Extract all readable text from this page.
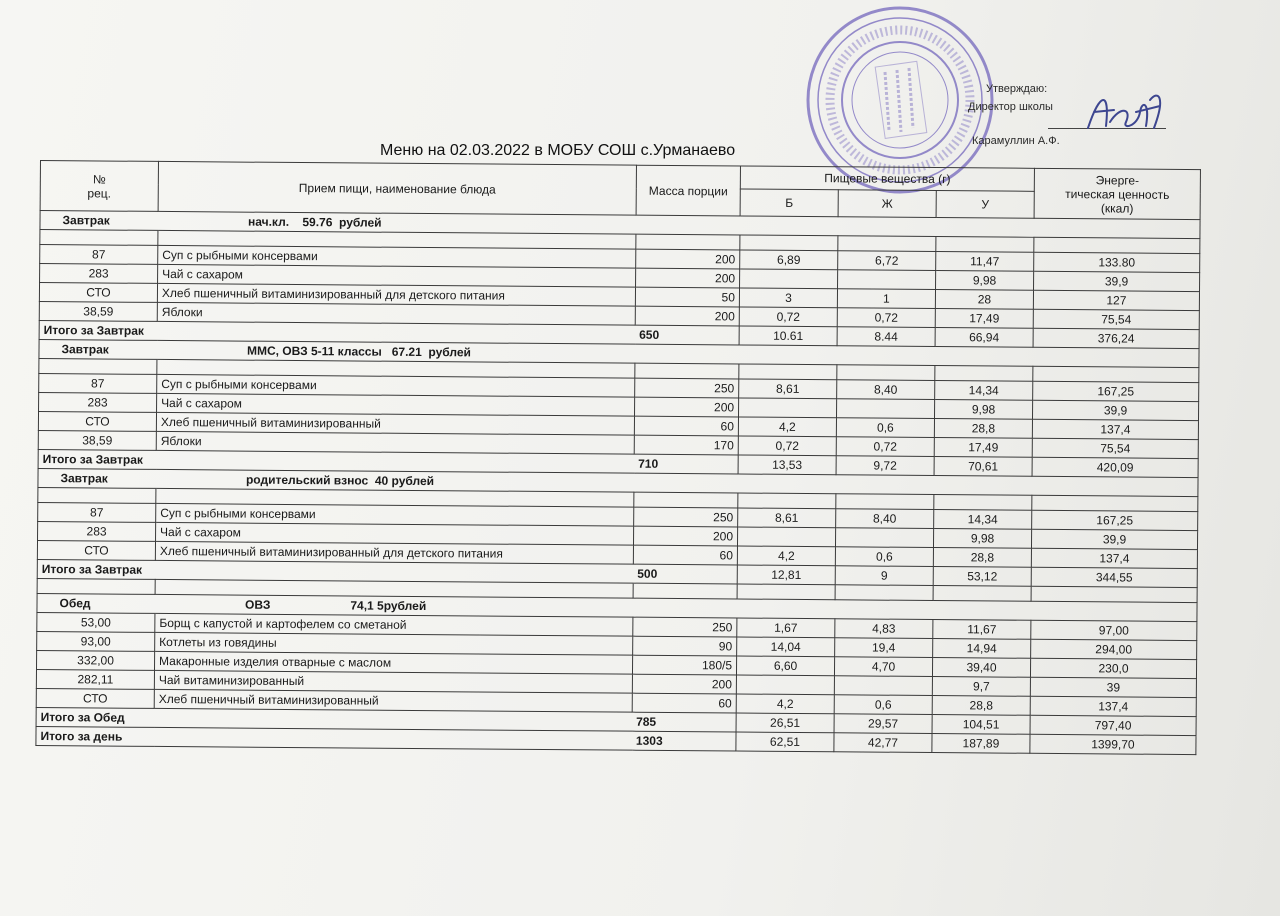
Утверждаю:
Директор школы
Карамуллин А.Ф.
Меню на 02.03.2022 в МОБУ СОШ с.Урманаево
№
рец.	Прием пищи, наименование блюда	Масса порции	Пищевые вещества (г)			Энерге-
тическая ценность
(ккал)
			Б	Ж	У	
Завтрак	нач.кл.    59.76  рублей					

87	Суп с рыбными консервами	200	6,89	6,72	11,47	133.80
283	Чай с сахаром	200			9,98	39,9
СТО	Хлеб пшеничный витаминизированный для детского питания	50	3	1	28	127
38,59	Яблоки	200	0,72	0,72	17,49	75,54
Итого за Завтрак		650	10.61	8.44	66,94	376,24
Завтрак	ММС, ОВЗ 5-11 классы   67.21  рублей					

87	Суп с рыбными консервами	250	8,61	8,40	14,34	167,25
283	Чай с сахаром	200			9,98	39,9
СТО	Хлеб пшеничный витаминизированный	60	4,2	0,6	28,8	137,4
38,59	Яблоки	170	0,72	0,72	17,49	75,54
Итого за Завтрак		710	13,53	9,72	70,61	420,09
Завтрак	родительский взнос  40 рублей					

87	Суп с рыбными консервами	250	8,61	8,40	14,34	167,25
283	Чай с сахаром	200			9,98	39,9
СТО	Хлеб пшеничный витаминизированный для детского питания	60	4,2	0,6	28,8	137,4
Итого за Завтрак		500	12,81	9	53,12	344,55

Обед	ОВЗ                        74,1 5рублей					
53,00	Борщ с капустой и картофелем со сметаной	250	1,67	4,83	11,67	97,00
93,00	Котлеты из говядины	90	14,04	19,4	14,94	294,00
332,00	Макаронные изделия отварные с маслом	180/5	6,60	4,70	39,40	230,0
282,11	Чай витаминизированный	200			9,7	39
СТО	Хлеб пшеничный витаминизированный	60	4,2	0,6	28,8	137,4
Итого за Обед		785	26,51	29,57	104,51	797,40
Итого за день		1303	62,51	42,77	187,89	1399,70
